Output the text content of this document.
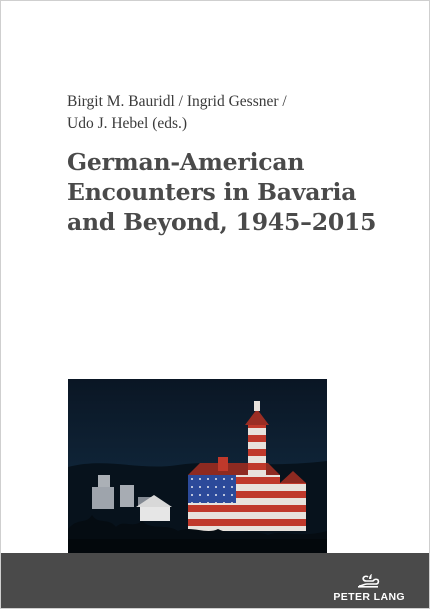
Birgit M. Bauridl / Ingrid Gessner /
Udo J. Hebel (eds.)
German-American
Encounters in Bavaria
and Beyond, 1945–2015
PETER LANG
